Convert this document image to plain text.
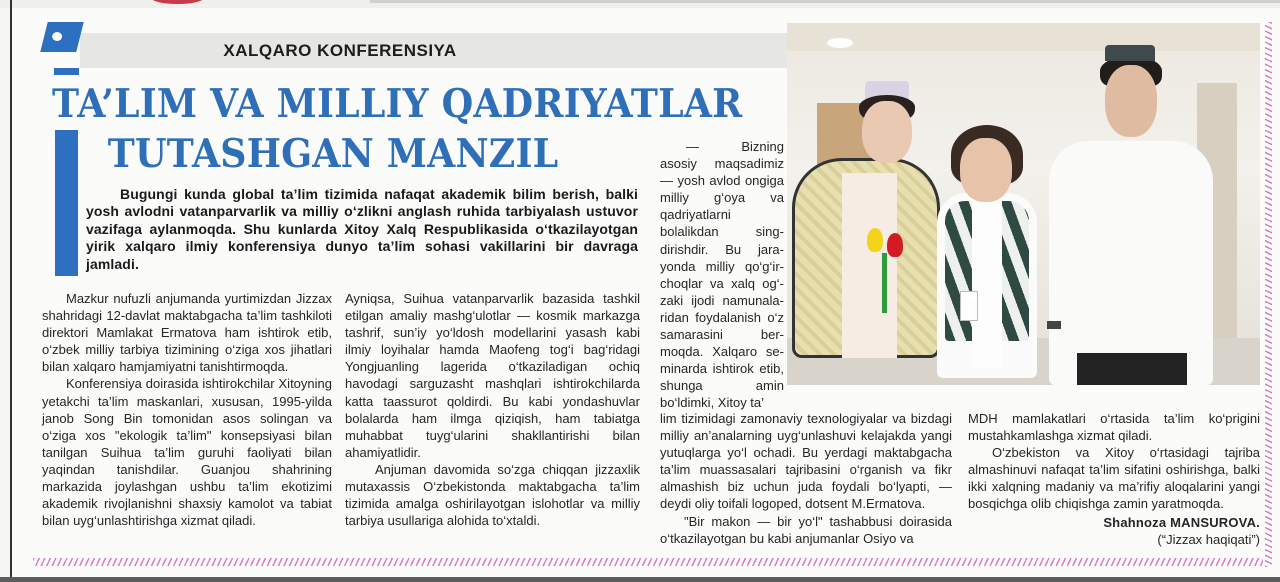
XALQARO KONFERENSIYA
TA’LIM VA MILLIY QADRIYATLAR
TUTASHGAN MANZIL

Bugungi kunda global ta’lim tizimida nafaqat akademik bilim berish, balki yosh avlodni vatanparvarlik va milliy o‘zlikni anglash ruhida tarbiyalash ustuvor vazifaga aylanmoqda. Shu kunlarda Xitoy Xalq Respublikasida o‘tkazilayotgan yirik xalqaro ilmiy konferensiya dunyo ta’lim sohasi vakillarini bir davraga jamladi.

Mazkur nufuzli anjumanda yurtimizdan Jizzax shahridagi 12-davlat maktabgacha ta’lim tashkiloti direktori Mamlakat Ermatova ham ishtirok etib, o‘zbek milliy tarbiya tizimining o‘ziga xos jihatlari bilan xalqaro hamjamiyatni tanishtirmoqda.

Konferensiya doirasida ishtirokchilar Xitoyning yetakchi ta’lim maskanlari, xususan, 1995-yilda janob Song Bin tomonidan asos solingan va o‘ziga xos "ekologik ta’lim" konsepsiyasi bilan tanilgan Suihua ta’lim guruhi faoliyati bilan yaqindan tanishdilar. Guanjou shahrining markazida joylashgan ushbu ta’lim ekotizimi akademik rivojlanishni shaxsiy kamolot va tabiat bilan uyg‘unlashtirishga xizmat qiladi.

Ayniqsa, Suihua vatanparvarlik bazasida tashkil etilgan amaliy mashg‘ulotlar — kosmik markazga tashrif, sun’iy yo‘ldosh modellarini yasash kabi ilmiy loyihalar hamda Maofeng tog‘i bag‘ridagi Yongjuanling lagerida o‘tkaziladigan ochiq havodagi sarguzasht mashqlari ishtirokchilarda katta taassurot qoldirdi. Bu kabi yondashuvlar bolalarda ham ilmga qiziqish, ham tabiatga muhabbat tuyg‘ularini shakllantirishi bilan ahamiyatlidir.

Anjuman davomida so‘zga chiqqan jizzaxlik mutaxassis O‘zbekistonda maktabgacha ta’lim tizimida amalga oshirilayotgan islohotlar va milliy tarbiya usullariga alohida to‘xtaldi.

— Bizning asosiy maqsadimiz — yosh avlod ongiga milliy g‘oya va qadriyatlarni bolalikdan singdirishdir. Bu jarayonda milliy qo‘g‘irchoqlar va xalq og‘zaki ijodi namunalaridan foydalanish o‘z samarasini bermoqda. Xalqaro seminarda ishtirok etib, shunga amin bo‘ldimki, Xitoy ta’

lim tizimidagi zamonaviy texnologiyalar va bizdagi milliy an’analarning uyg‘unlashuvi kelajakda yangi yutuqlarga yo‘l ochadi. Bu yerdagi maktabgacha ta’lim muassasalari tajribasini o‘rganish va fikr almashish biz uchun juda foydali bo‘lyapti, — deydi oliy toifali logoped, dotsent M.Ermatova.

"Bir makon — bir yo‘l" tashabbusi doirasida o‘tkazilayotgan bu kabi anjumanlar Osiyo va

MDH mamlakatlari o‘rtasida ta’lim ko‘prigini mustahkamlashga xizmat qiladi.

O‘zbekiston va Xitoy o‘rtasidagi tajriba almashinuvi nafaqat ta’lim sifatini oshirishga, balki ikki xalqning madaniy va ma’rifiy aloqalarini yangi bosqichga olib chiqishga zamin yaratmoqda.

Shahnoza MANSUROVA.
(“Jizzax haqiqati”)
